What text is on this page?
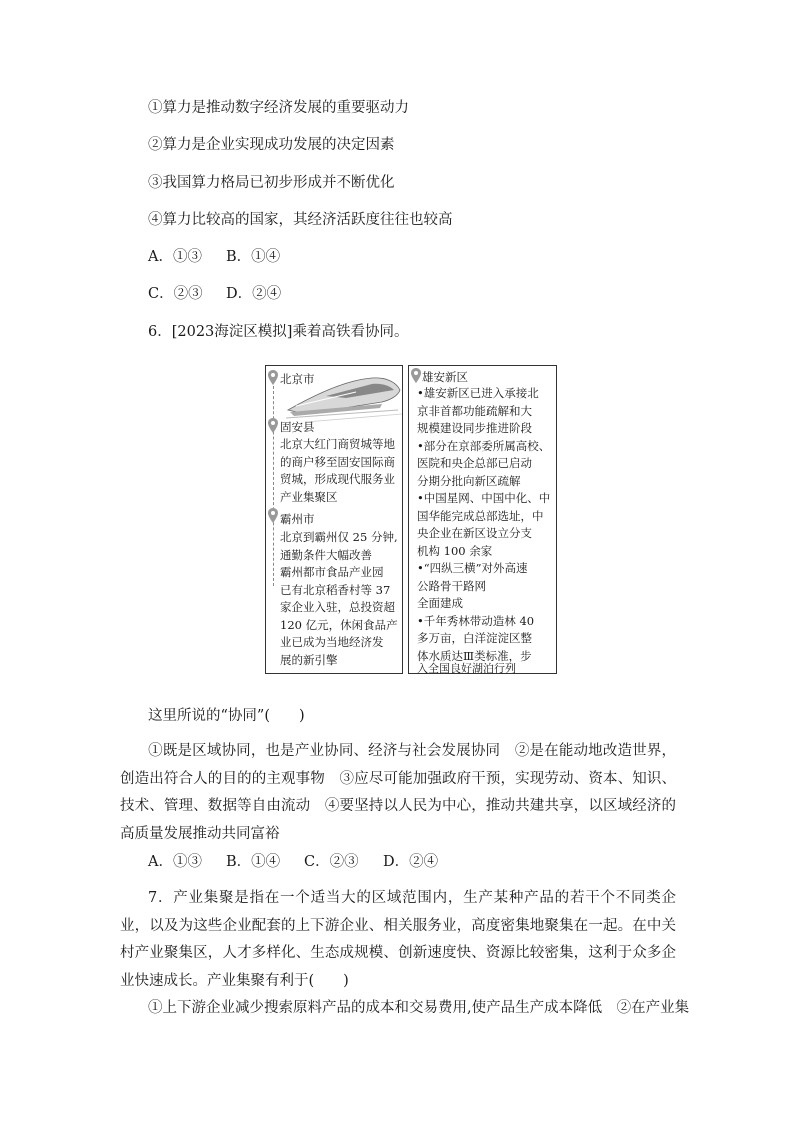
①算力是推动数字经济发展的重要驱动力
②算力是企业实现成功发展的决定因素
③我国算力格局已初步形成并不断优化
④算力比较高的国家，其经济活跃度往往也较高
A．①③ B．①④
C．②③ D．②④
6．[2023海淀区模拟]乘着高铁看协同。
北京市
固安县
北京大红门商贸城等地
的商户移至固安国际商
贸城，形成现代服务业
产业集聚区
霸州市
北京到霸州仅 25 分钟,
通勤条件大幅改善
霸州都市食品产业园
已有北京稻香村等 37
家企业入驻，总投资超
120 亿元，休闲食品产
业已成为当地经济发
展的新引擎
雄安新区
•雄安新区已进入承接北
京非首都功能疏解和大
规模建设同步推进阶段
•部分在京部委所属高校、
医院和央企总部已启动
分期分批向新区疏解
•中国星网、中国中化、中
国华能完成总部选址，中
央企业在新区设立分支
机构 100 余家
•“四纵三横”对外高速
公路骨干路网
全面建成
•千年秀林带动造林 40
多万亩，白洋淀淀区整
体水质达Ⅲ类标准，步
入全国良好湖泊行列
这里所说的“协同”(　　)
①既是区域协同，也是产业协同、经济与社会发展协同　②是在能动地改造世界，创造出符合人的目的的主观事物　③应尽可能加强政府干预，实现劳动、资本、知识、技术、管理、数据等自由流动　④要坚持以人民为中心，推动共建共享，以区域经济的高质量发展推动共同富裕
A．①③ B．①④ C．②③ D．②④
7．产业集聚是指在一个适当大的区域范围内，生产某种产品的若干个不同类企业，以及为这些企业配套的上下游企业、相关服务业，高度密集地聚集在一起。在中关村产业聚集区，人才多样化、生态成规模、创新速度快、资源比较密集，这利于众多企业快速成长。产业集聚有利于(　　)
①上下游企业减少搜索原料产品的成本和交易费用,使产品生产成本降低　②在产业集
